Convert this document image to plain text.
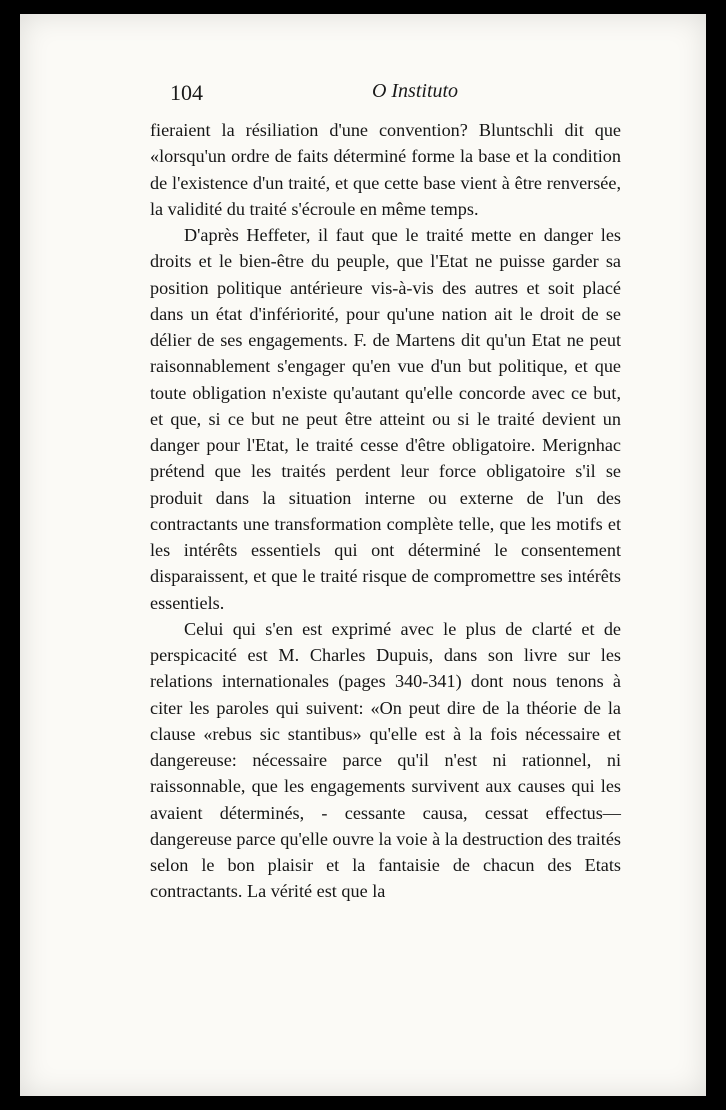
104	O Instituto

fieraient la résiliation d'une convention? Bluntschli dit que «lorsqu'un ordre de faits déterminé forme la base et la condition de l'existence d'un traité, et que cette base vient à être renversée, la validité du traité s'écroule en même temps.

D'après Heffeter, il faut que le traité mette en danger les droits et le bien-être du peuple, que l'Etat ne puisse garder sa position politique antérieure vis-à-vis des autres et soit placé dans un état d'infériorité, pour qu'une nation ait le droit de se délier de ses engagements. F. de Martens dit qu'un Etat ne peut raisonnablement s'engager qu'en vue d'un but politique, et que toute obligation n'existe qu'autant qu'elle concorde avec ce but, et que, si ce but ne peut être atteint ou si le traité devient un danger pour l'Etat, le traité cesse d'être obligatoire. Merignhac prétend que les traités perdent leur force obligatoire s'il se produit dans la situation interne ou externe de l'un des contractants une transformation complète telle, que les motifs et les intérêts essentiels qui ont déterminé le consentement disparaissent, et que le traité risque de compromettre ses intérêts essentiels.

Celui qui s'en est exprimé avec le plus de clarté et de perspicacité est M. Charles Dupuis, dans son livre sur les relations internationales (pages 340-341) dont nous tenons à citer les paroles qui suivent: «On peut dire de la théorie de la clause «rebus sic stantibus» qu'elle est à la fois nécessaire et dangereuse: nécessaire parce qu'il n'est ni rationnel, ni raissonnable, que les engagements survivent aux causes qui les avaient déterminés, - cessante causa, cessat effectus—dangereuse parce qu'elle ouvre la voie à la destruction des traités selon le bon plaisir et la fantaisie de chacun des Etats contractants. La vérité est que la
